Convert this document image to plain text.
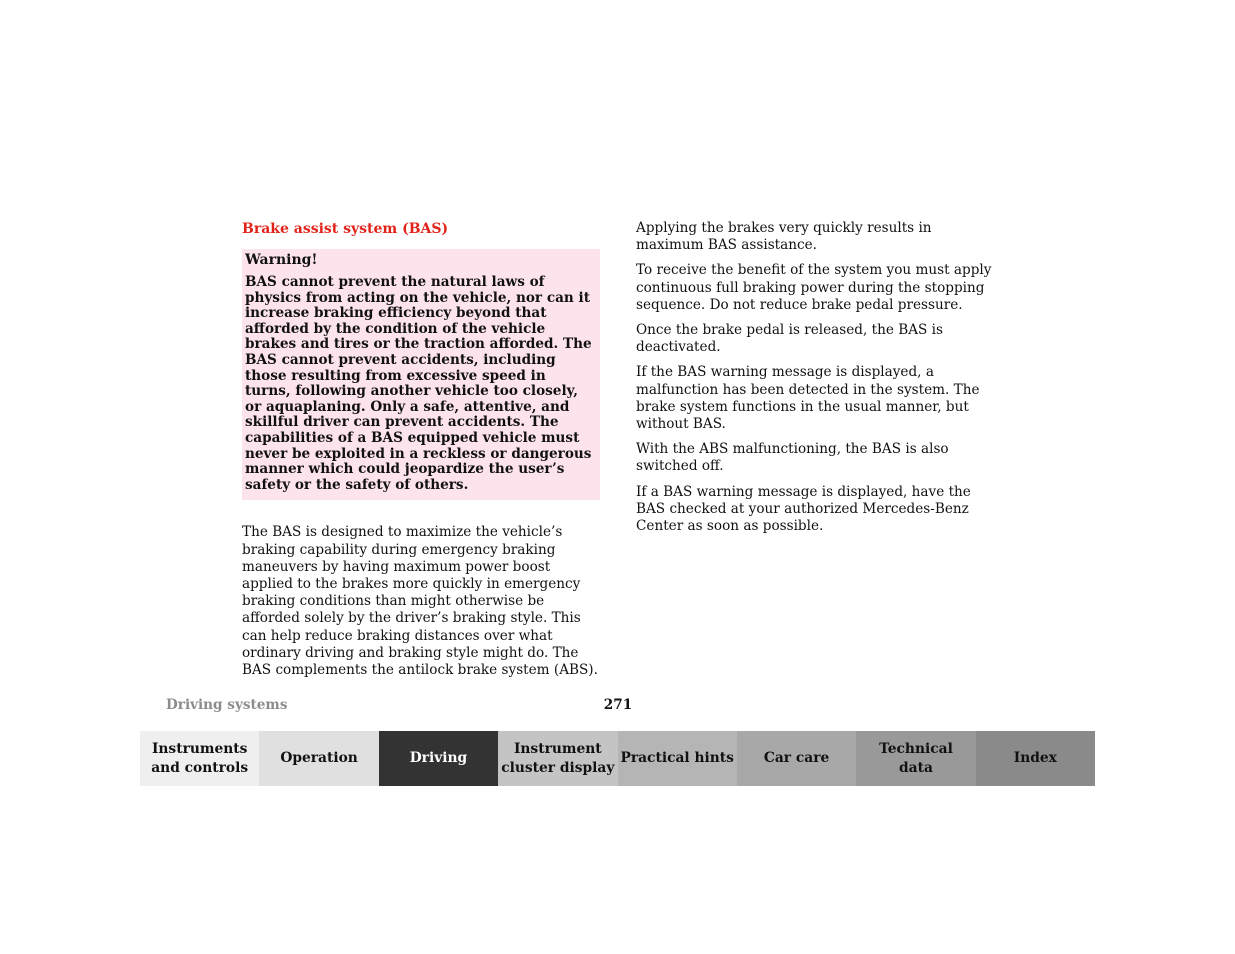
Brake assist system (BAS)

Warning!

BAS cannot prevent the natural laws of physics from acting on the vehicle, nor can it increase braking efficiency beyond that afforded by the condition of the vehicle brakes and tires or the traction afforded. The BAS cannot prevent accidents, including those resulting from excessive speed in turns, following another vehicle too closely, or aquaplaning. Only a safe, attentive, and skillful driver can prevent accidents. The capabilities of a BAS equipped vehicle must never be exploited in a reckless or dangerous manner which could jeopardize the user’s safety or the safety of others.

The BAS is designed to maximize the vehicle’s braking capability during emergency braking maneuvers by having maximum power boost applied to the brakes more quickly in emergency braking conditions than might otherwise be afforded solely by the driver’s braking style. This can help reduce braking distances over what ordinary driving and braking style might do. The BAS complements the antilock brake system (ABS).

Applying the brakes very quickly results in maximum BAS assistance.

To receive the benefit of the system you must apply continuous full braking power during the stopping sequence. Do not reduce brake pedal pressure.

Once the brake pedal is released, the BAS is deactivated.

If the BAS warning message is displayed, a malfunction has been detected in the system. The brake system functions in the usual manner, but without BAS.

With the ABS malfunctioning, the BAS is also switched off.

If a BAS warning message is displayed, have the BAS checked at your authorized Mercedes-Benz Center as soon as possible.

Driving systems	271
Instruments
and controls
Operation	Driving
Instrument
cluster display
Practical hints	Car care
Technical
data
Index
